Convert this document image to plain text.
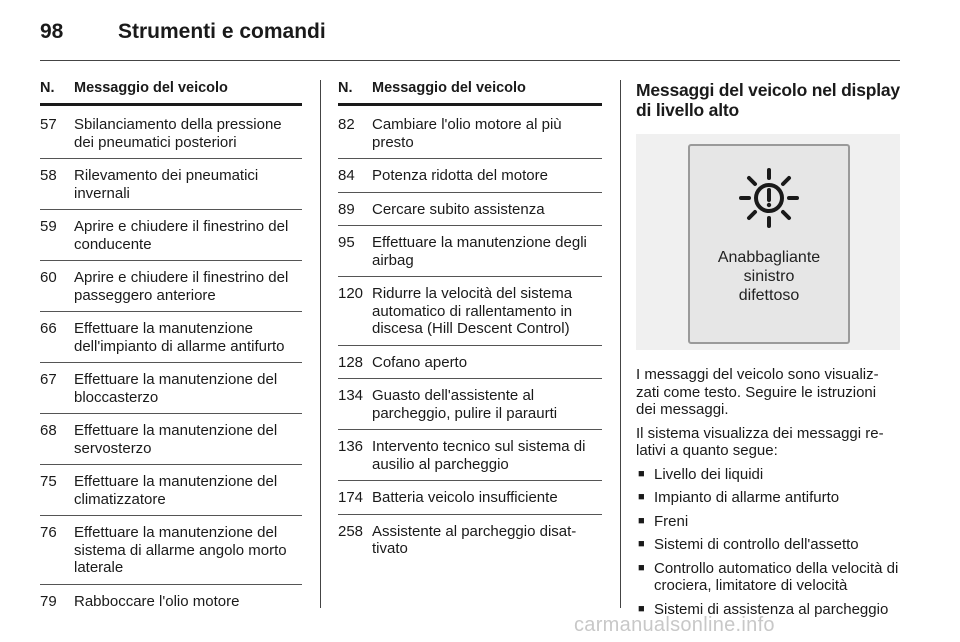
98	Strumenti e comandi
N.	Messaggio del veicolo
57	Sbilanciamento della pressione dei pneumatici posteriori
58	Rilevamento dei pneumatici invernali
59	Aprire e chiudere il finestrino del conducente
60	Aprire e chiudere il finestrino del passeggero anteriore
66	Effettuare la manutenzione dell'impianto di allarme antifurto
67	Effettuare la manutenzione del bloccasterzo
68	Effettuare la manutenzione del servosterzo
75	Effettuare la manutenzione del climatizzatore
76	Effettuare la manutenzione del sistema di allarme angolo morto laterale
79	Rabboccare l'olio motore
N.	Messaggio del veicolo
82	Cambiare l'olio motore al più presto
84	Potenza ridotta del motore
89	Cercare subito assistenza
95	Effettuare la manutenzione degli airbag
120 Ridurre la velocità del sistema automatico di rallentamento in discesa (Hill Descent Control)
128 Cofano aperto
134 Guasto dell'assistente al parcheggio, pulire il paraurti
136 Intervento tecnico sul sistema di ausilio al parcheggio
174 Batteria veicolo insufficiente
258 Assistente al parcheggio disat-tivato
Messaggi del veicolo nel display di livello alto
Anabbagliante
sinistro
difettoso

I messaggi del veicolo sono visualiz-zati come testo. Seguire le istruzioni dei messaggi.

Il sistema visualizza dei messaggi re-lativi a quanto segue:

■ Livello dei liquidi
■ Impianto di allarme antifurto
■ Freni
■ Sistemi di controllo dell'assetto
■ Controllo automatico della velocità di crociera, limitatore di velocità
■ Sistemi di assistenza al parcheggio
carmanualsonline.info
